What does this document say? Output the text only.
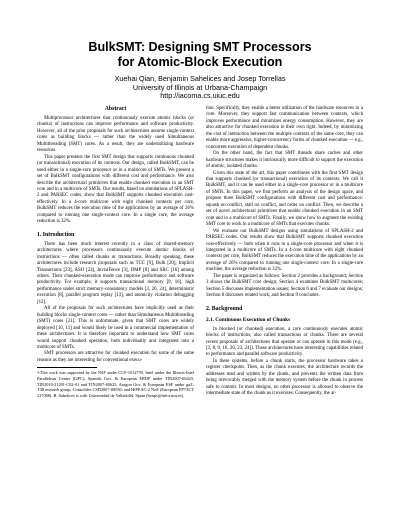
BulkSMT: Designing SMT Processors
for Atomic-Block Execution
Xuehai Qian, Benjamin Sahelices and Josep Torrellas
University of Illinois at Urbana-Champaign
http://iacoma.cs.uiuc.edu
Abstract

Multiprocessor architectures that continuously execute atomic blocks (or chunks) of instructions can improve performance and software productivity. However, all of the prior proposals for such architectures assume single-context cores as building blocks — rather than the widely used Simultaneous Multithreading (SMT) cores. As a result, they are underutilizing hardware resources.

This paper presents the first SMT design that supports continuous chunked (or transactional) execution of its contexts. Our design, called BulkSMT, can be used either in a single-core processor or in a multicore of SMTs. We present a set of BulkSMT configurations with different cost and performance. We also describe the architectural primitives that enable chunked execution in an SMT core and in a multicore of SMTs. Our results, based on simulations of SPLASH-2 and PARSEC codes, show that BulkSMT supports chunked execution cost-effectively. In a 4-core multicore with eight chunked contexts per core, BulkSMT reduces the execution time of the applications by an average of 26% compared to running one single-context core. In a single core, the average reduction is 32%.

1. Introduction

There has been much interest recently in a class of shared-memory architectures where processors continuously execute atomic blocks of instructions — often called chunks or transactions. Broadly speaking, these architectures include research proposals such as TCC [9], Bulk [20], Implicit Transactions [23], ASO [24], InvisiFence [3], DMP [8] and SRC [16] among others. Their chunked-execution mode can improve performance and software productivity. For example, it supports transactional memory [9, 16], high performance under strict memory-consistency models [3, 20, 24], deterministic execution [8], parallel program replay [13], and atomicity violation debugging [12].

All of the proposals for such architectures have implicitly used as their building blocks single-context cores — rather than Simultaneous Multithreading (SMT) cores [21]. This is unfortunate, given that SMT cores are widely deployed [10, 11] and would likely be used in a commercial implementation of these architectures. It is therefore important to understand how SMT cores would support chunked operation, both individually and integrated into a multicore of SMTs.

SMT processors are attractive for chunked execution for some of the same reasons as they are interesting for conventional execu-

∗This work was supported by the NSF under CCF-1012759, Intel under the Illinois-Intel Parallelism Center (I2PC), Spanish Gov. & European ERDF under TIN2007-66423, TIN2010-21291-C02-01 and TIN2007-60625, Aragon Gov. & European ESF under gaZ: T48 research group, Consolider CSD2007-00050, and HiPEAC-2 NoE (European FP7/ICT 217068). B. Sahelices is with Universidad de Valladolid, Spain (benps@infor.uva.es).

tion. Specifically, they enable a better utilization of the hardware resources in a core. Moreover, they support fast communication between contexts, which improves performance and minimizes energy consumption. However, they are also attractive for chunked execution in their own right. Indeed, by minimizing the cost of interaction between the multiple contexts of the same core, they can enable more aggressive, higher-concurrency forms of chunked execution — e.g., concurrent execution of dependent chunks.

On the other hand, the fact that SMT threads share caches and other hardware structures makes it intrinsically more difficult to support the execution of atomic, isolated chunks.

Given this state of the art, this paper contributes with the first SMT design that supports chunked (or transactional) execution of its contexts. We call it BulkSMT, and it can be used either in a single-core processor or in a multicore of SMTs. In this paper, we first perform an analysis of the design space, and propose three BulkSMT configurations with different cost and performance: squash on conflict, stall on conflict, and order on conflict. Then, we describe a set of novel architectural primitives that enable chunked execution in an SMT core and in a multicore of SMTs. Finally, we show how to augment the existing SMT core to work in a multicore of SMTs that executes chunks.

We evaluate our BulkSMT designs using simulations of SPLASH-2 and PARSEC codes. Our results show that BulkSMT supports chunked execution cost-effectively — both when it runs in a single-core processor and when it is integrated in a multicore of SMTs. In a 4-core multicore with eight chunked contexts per core, BulkSMT reduces the execution time of the applications by an average of 26% compared to running one single-context core. In a single-core machine, the average reduction is 32%.

The paper is organized as follows: Section 2 provides a background; Section 3 shows the BulkSMT core design; Section 4 examines BulkSMT multicores; Section 5 discusses implementation issues; Section 6 and 7 evaluate our designs; Section 8 discusses related work; and Section 9 concludes.

2. Background
2.1. Continuous Execution of Chunks

In blocked (or chunked) execution, a core continuously executes atomic blocks of instructions, also called transactions or chunks. There are several recent proposals of architectures that operate or can operate in this mode (e.g., [3, 8, 9, 16, 20, 23, 24]). These architectures have interesting capabilities related to performance and parallel software productivity.

In these systems, before a chunk starts, the processor hardware takes a register checkpoint. Then, as the chunk executes, the architecture records the addresses read and written by the chunk, and prevents the written data from being irrevocably merged with the memory system before the chunk in process safe to commit. In most designs, no other processor is allowed to observe the intermediate state of the chunk as it executes. Consequently, the ar-
